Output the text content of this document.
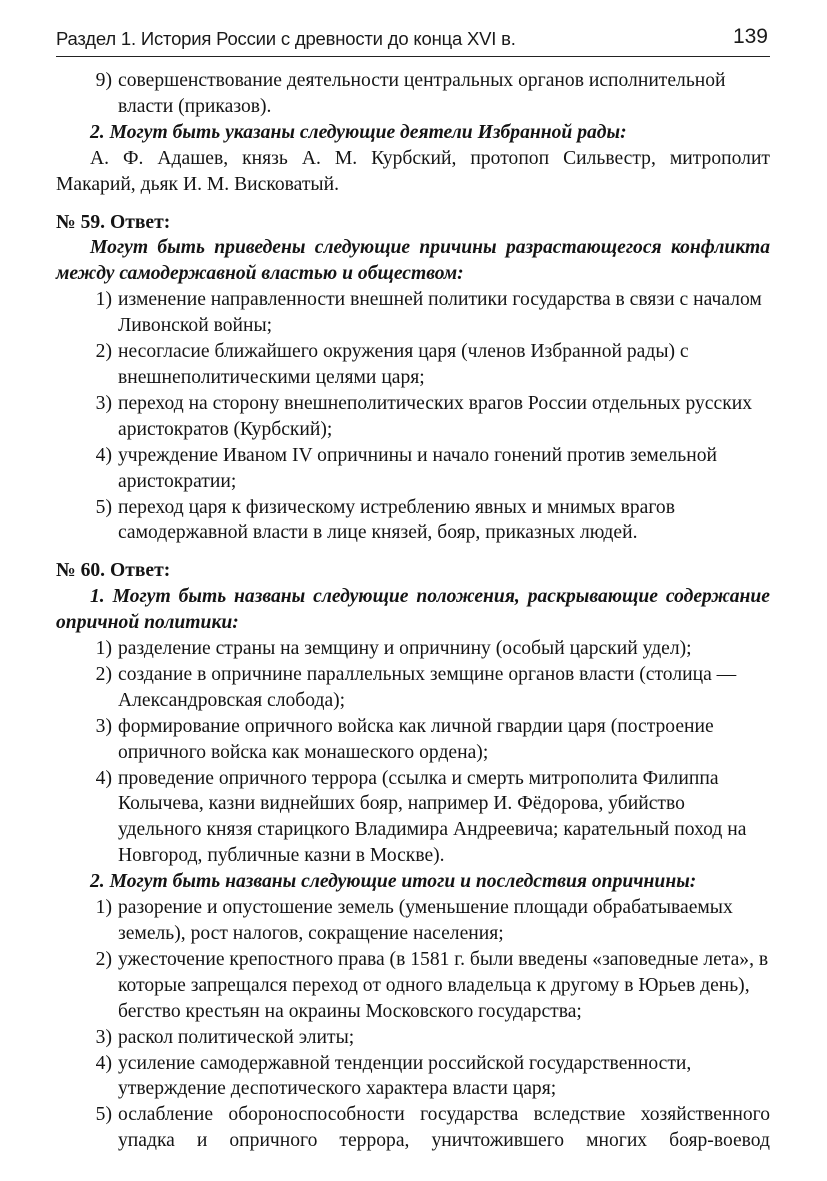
Раздел 1. История России с древности до конца XVI в.	139
9) совершенствование деятельности центральных органов исполнительной власти (приказов).

2. Могут быть указаны следующие деятели Избранной рады:

А. Ф. Адашев, князь А. М. Курбский, протопоп Сильвестр, митрополит Макарий, дьяк И. М. Висковатый.

№ 59. Ответ:

Могут быть приведены следующие причины разрастающегося конфликта между самодержавной властью и обществом:

1) изменение направленности внешней политики государства в связи с началом Ливонской войны;
2) несогласие ближайшего окружения царя (членов Избранной рады) с внешнеполитическими целями царя;
3) переход на сторону внешнеполитических врагов России отдельных русских аристократов (Курбский);
4) учреждение Иваном IV опричнины и начало гонений против земельной аристократии;
5) переход царя к физическому истреблению явных и мнимых врагов самодержавной власти в лице князей, бояр, приказных людей.

№ 60. Ответ:

1. Могут быть названы следующие положения, раскрывающие содержание опричной политики:

1) разделение страны на земщину и опричнину (особый царский удел);
2) создание в опричнине параллельных земщине органов власти (столица — Александровская слобода);
3) формирование опричного войска как личной гвардии царя (построение опричного войска как монашеского ордена);
4) проведение опричного террора (ссылка и смерть митрополита Филиппа Колычева, казни виднейших бояр, например И. Фёдорова, убийство удельного князя старицкого Владимира Андреевича; карательный поход на Новгород, публичные казни в Москве).

2. Могут быть названы следующие итоги и последствия опричнины:

1) разорение и опустошение земель (уменьшение площади обрабатываемых земель), рост налогов, сокращение населения;
2) ужесточение крепостного права (в 1581 г. были введены «заповедные лета», в которые запрещался переход от одного владельца к другому в Юрьев день), бегство крестьян на окраины Московского государства;
3) раскол политической элиты;
4) усиление самодержавной тенденции российской государственности, утверждение деспотического характера власти царя;
5) ослабление обороноспособности государства вследствие хозяйственного упадка и опричного террора, уничтожившего многих бояр-воевод
